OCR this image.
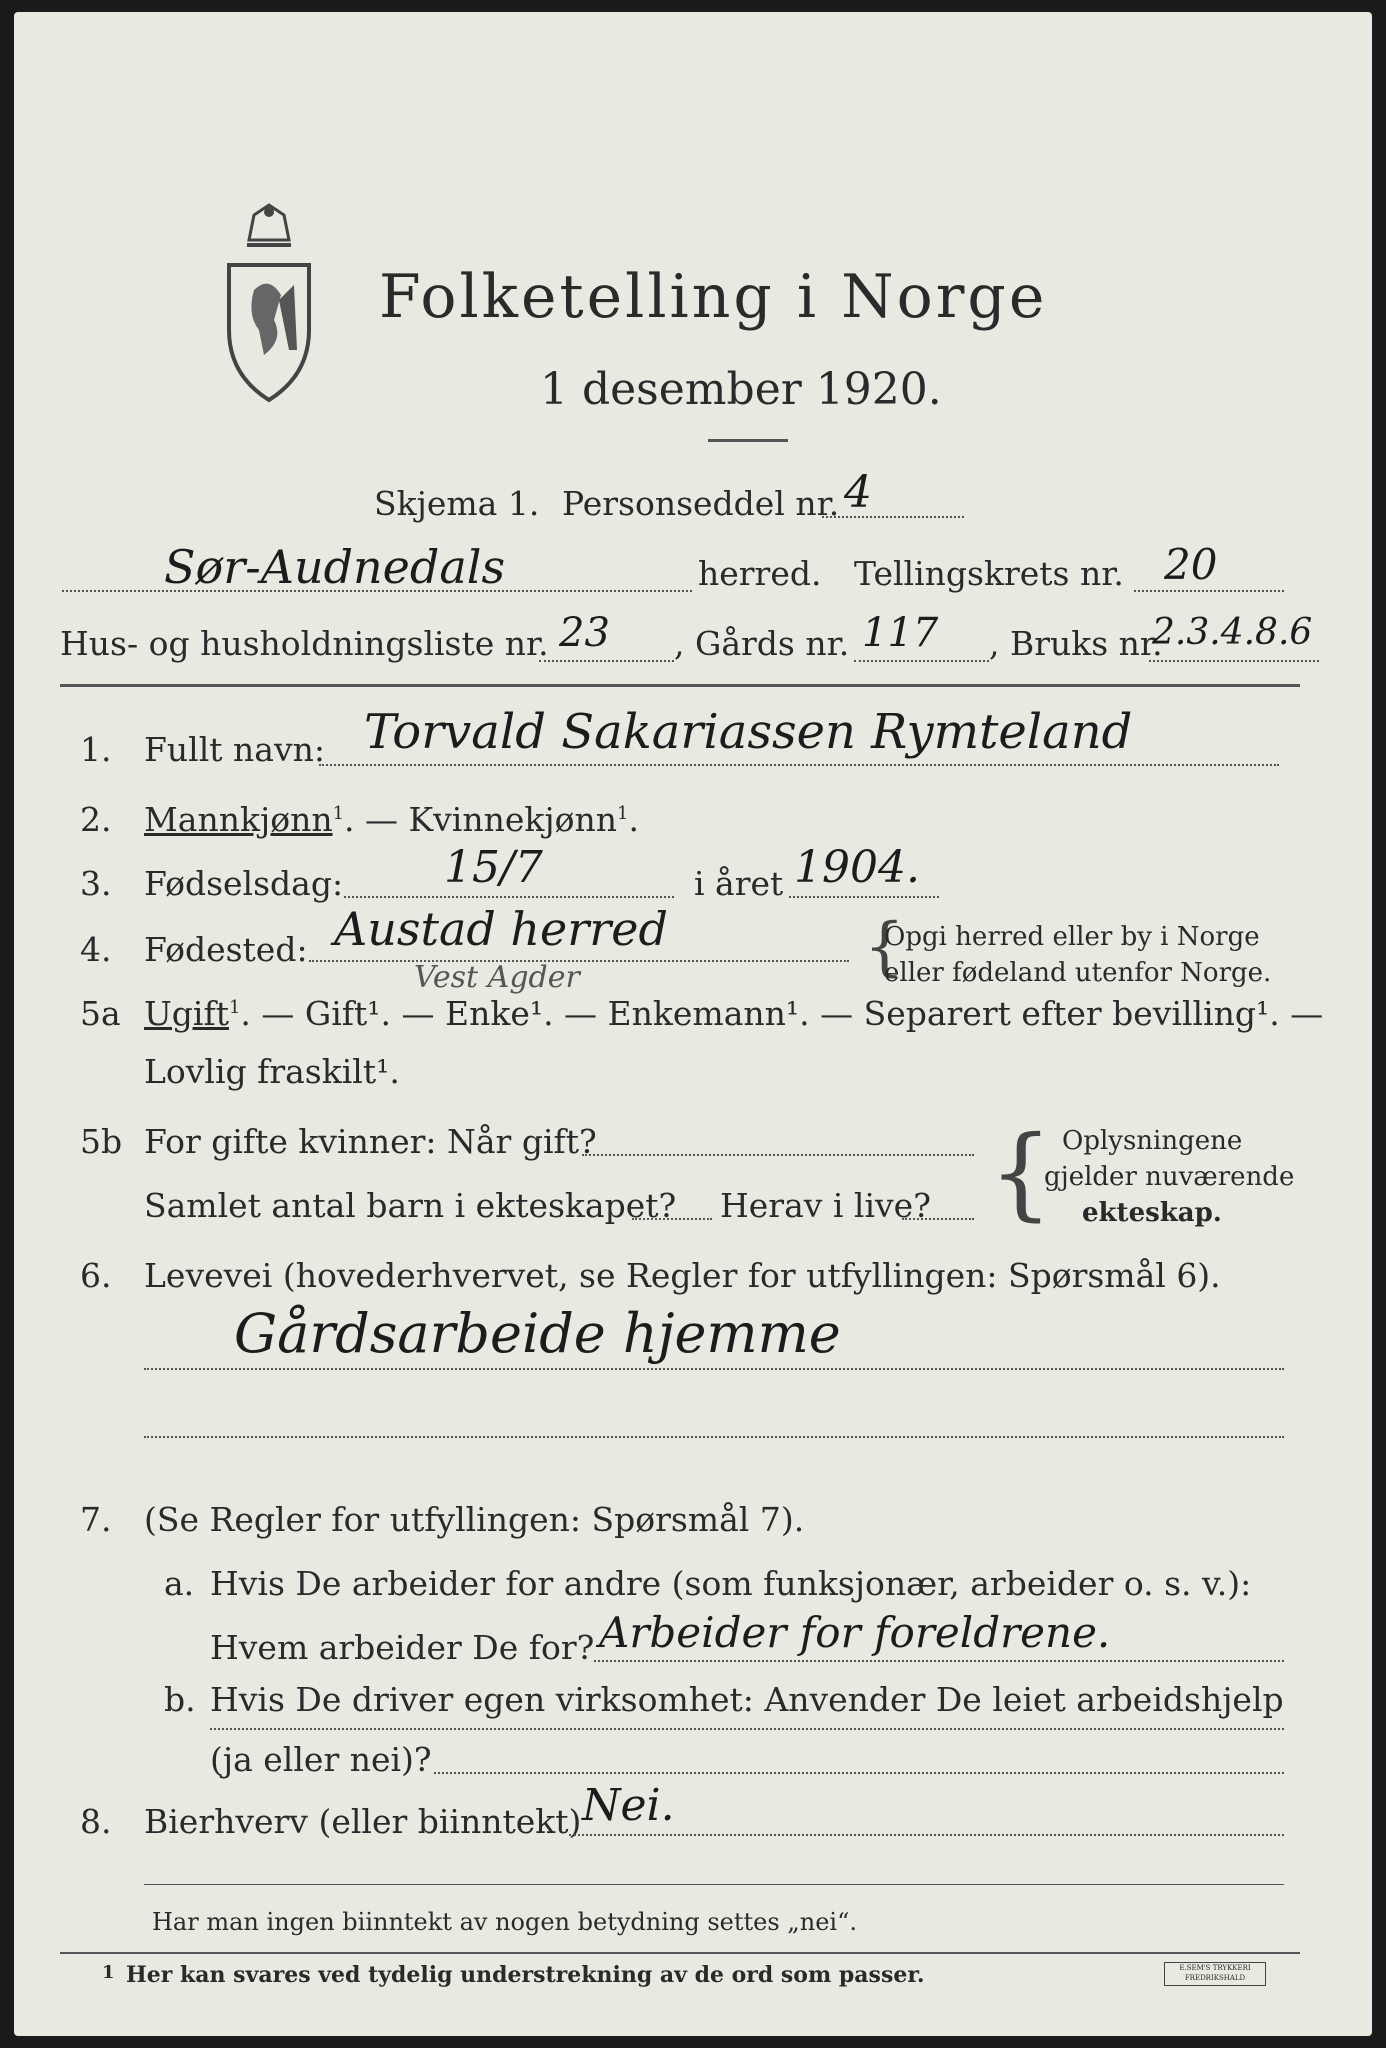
Folketelling i Norge
1 desember 1920.
Skjema 1. Personseddel nr. 4
Sør-Audnedals	herred. Tellingskrets nr. 20
Hus- og husholdningsliste nr. 23 , Gårds nr. 117 , Bruks nr.
2.3.4.8.6
1. Fullt navn: Torvald Sakariassen Rymteland
2. Mannkjønn$^1$. — Kvinnekjønn$^1$.
3. Fødselsdag: 15/7	i året 1904.
4. Fødested: Austad herred
Vest Agder	{
Opgi herred eller by i Norge
eller fødeland utenfor Norge.
5a Ugift$^1$. — Gift¹. — Enke¹. — Enkemann¹. — Separert efter bevilling¹. —
Lovlig fraskilt¹.
5b For gifte kvinner: Når gift?
Samlet antal barn i ekteskapet? Herav i live? { Oplysningene
gjelder nuværende
ekteskap.
6. Levevei (hovederhvervet, se Regler for utfyllingen: Spørsmål 6).
Gårdsarbeide hjemme
7. (Se Regler for utfyllingen: Spørsmål 7).
a. Hvis De arbeider for andre (som funksjonær, arbeider o. s. v.):
Hvem arbeider De for? Arbeider for foreldrene.
b. Hvis De driver egen virksomhet: Anvender De leiet arbeidshjelp
(ja eller nei)?
8. Bierhverv (eller biinntekt) Nei.
Har man ingen biinntekt av nogen betydning settes „nei“.
1 Her kan svares ved tydelig understrekning av de ord som passer.	E.SEM'S TRYKKERI FREDRIKSHALD
